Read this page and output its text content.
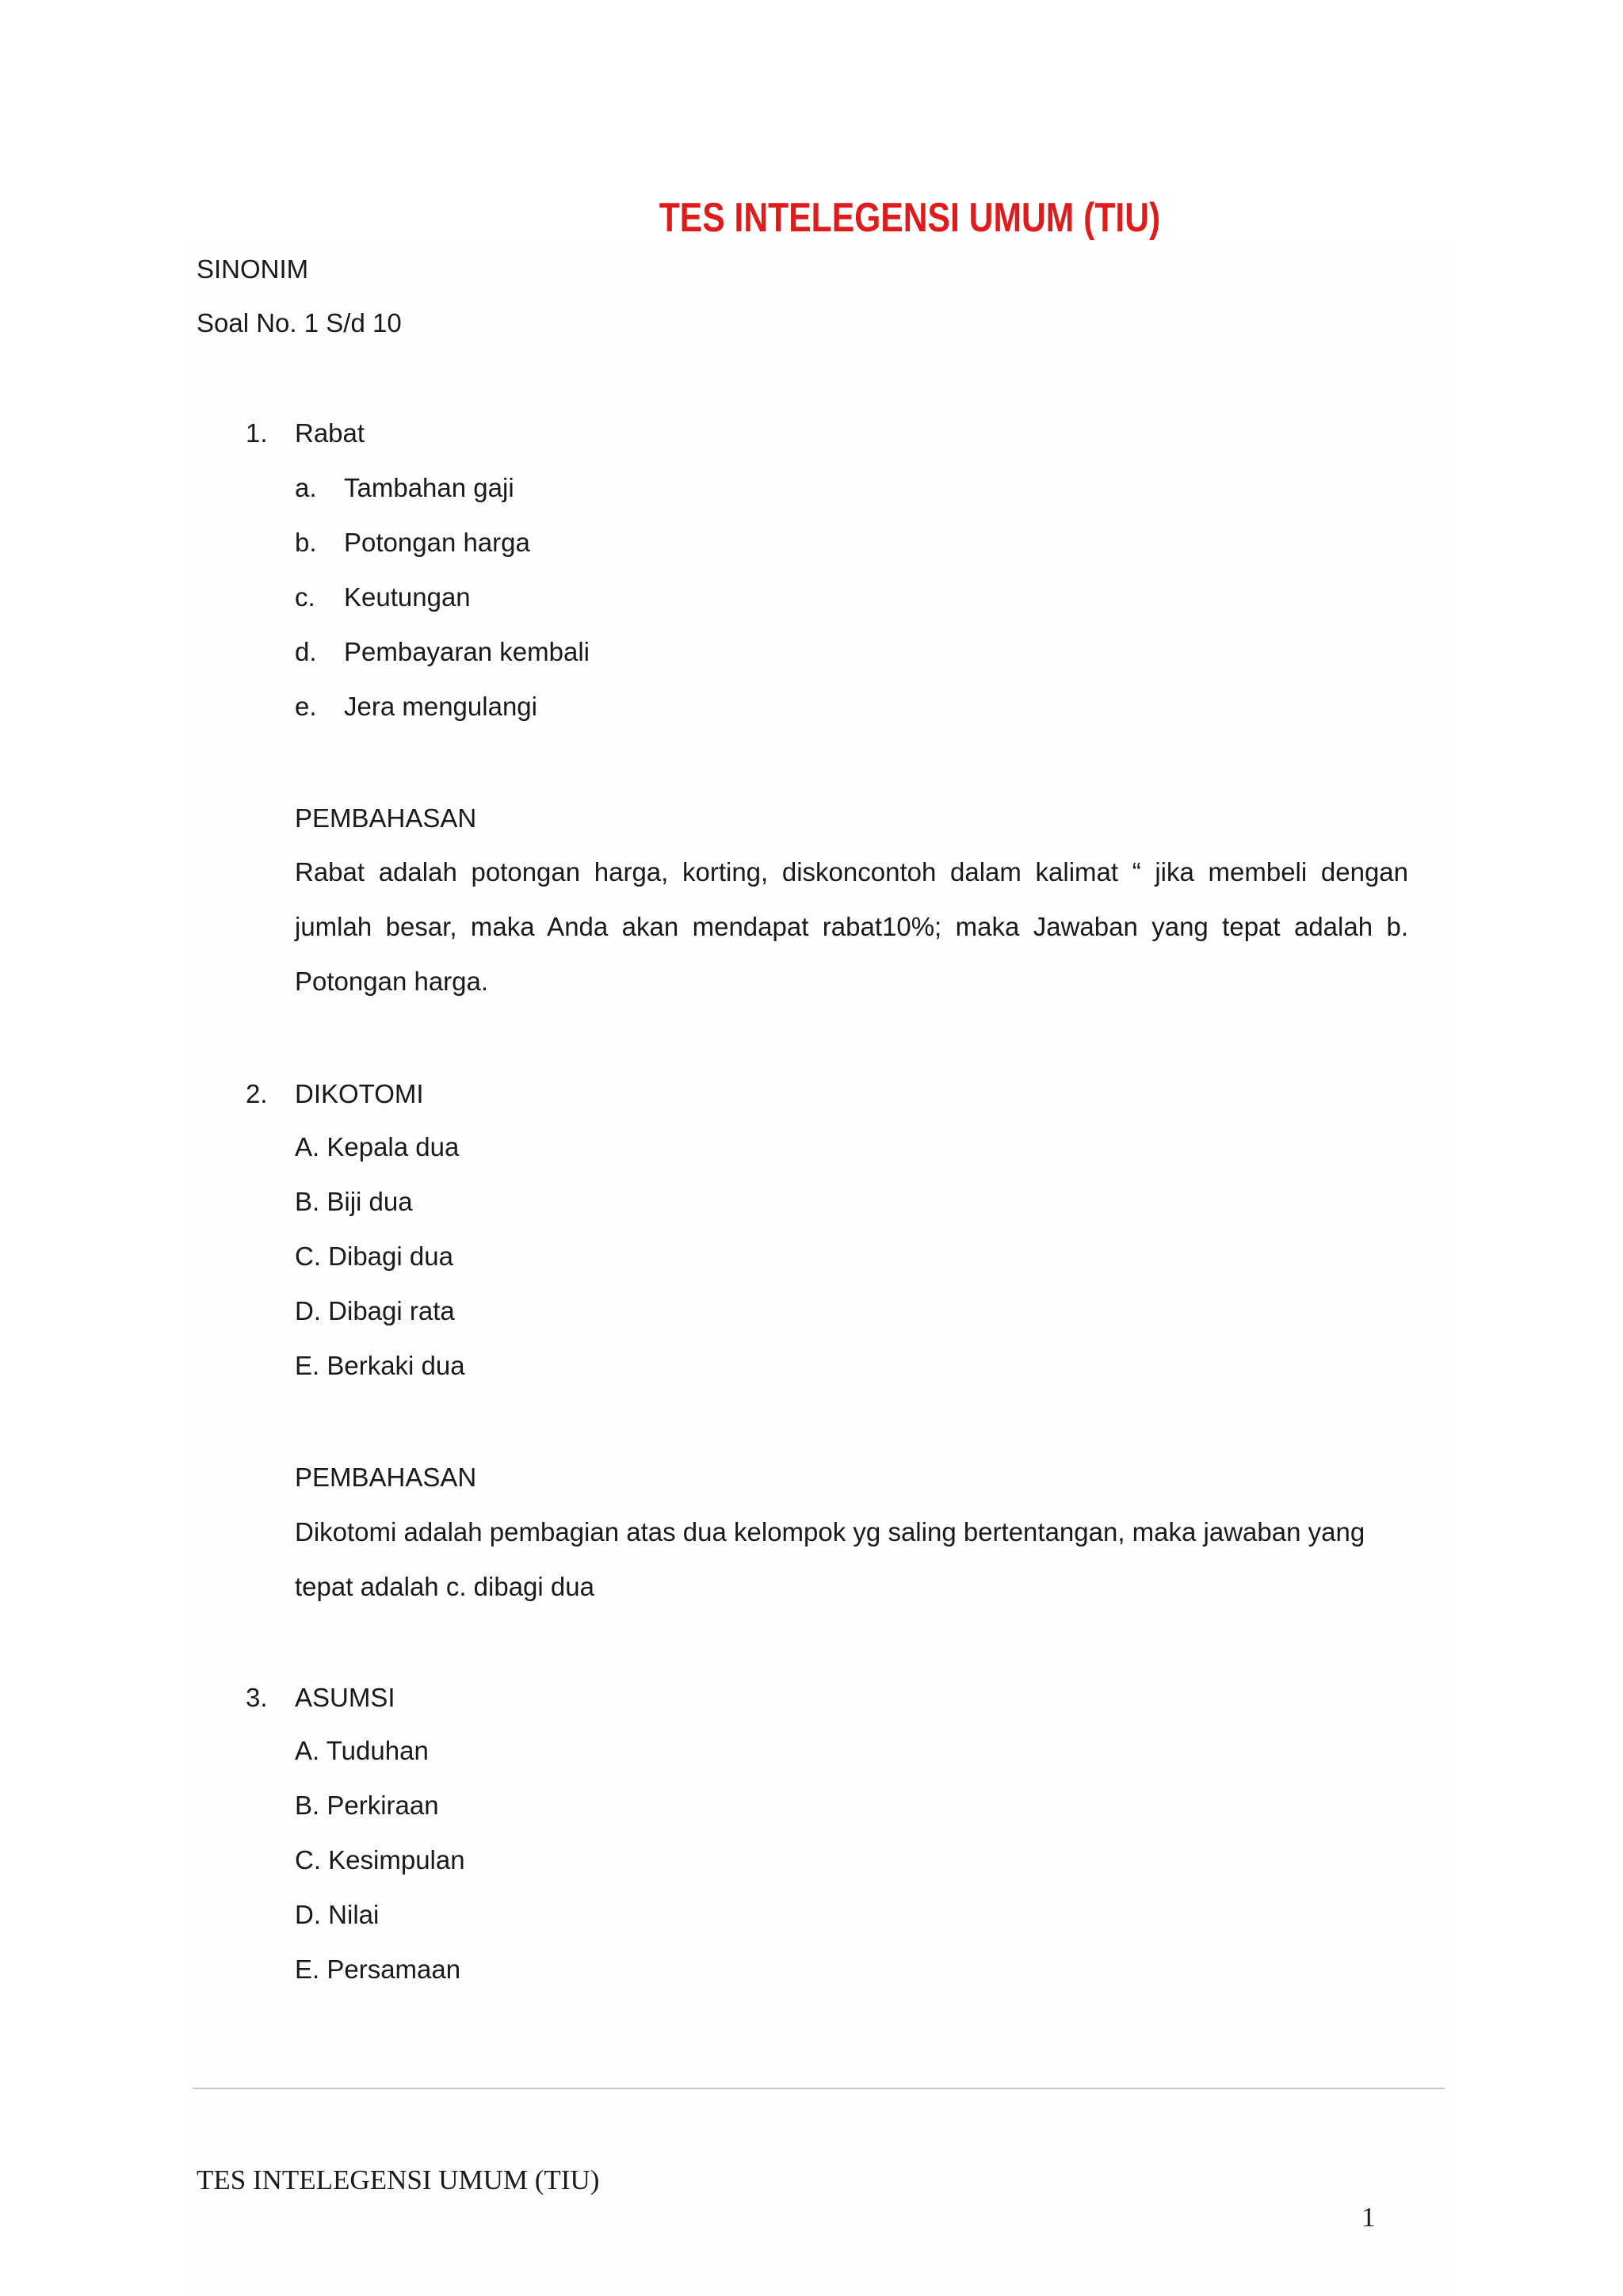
TES INTELEGENSI UMUM (TIU)
SINONIM
Soal No. 1 S/d 10
1. Rabat
a. Tambahan gaji
b. Potongan harga
c. Keutungan
d. Pembayaran kembali
e. Jera mengulangi
PEMBAHASAN
Rabat adalah potongan harga, korting, diskoncontoh dalam kalimat “ jika membeli dengan jumlah besar, maka Anda akan mendapat rabat10%; maka Jawaban yang tepat adalah b. Potongan harga.
2. DIKOTOMI
A. Kepala dua
B. Biji dua
C. Dibagi dua
D. Dibagi rata
E. Berkaki dua
PEMBAHASAN
Dikotomi adalah pembagian atas dua kelompok yg saling bertentangan, maka jawaban yang
tepat adalah c. dibagi dua
3. ASUMSI
A. Tuduhan
B. Perkiraan
C. Kesimpulan
D. Nilai
E. Persamaan
TES INTELEGENSI UMUM (TIU)
1
